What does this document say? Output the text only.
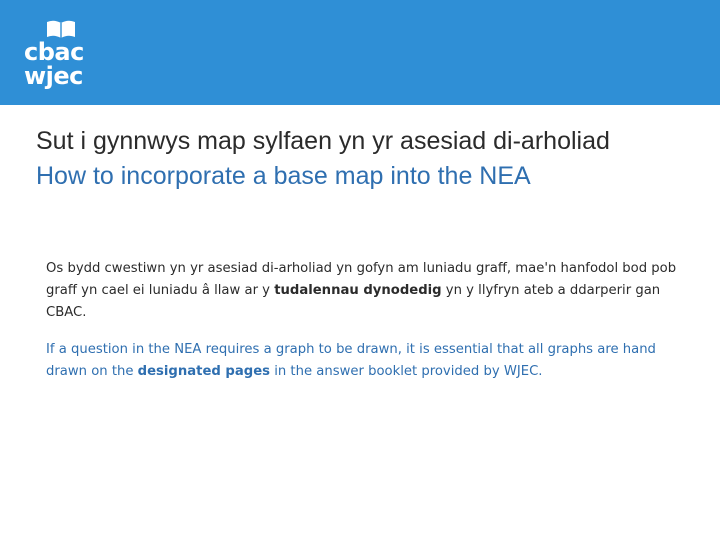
cbac
wjec
Sut i gynnwys map sylfaen yn yr asesiad di-arholiad
How to incorporate a base map into the NEA
Os bydd cwestiwn yn yr asesiad di-arholiad yn gofyn am luniadu graff, mae'n hanfodol bod pob graff yn cael ei luniadu â llaw ar y tudalennau dynodedig yn y llyfryn ateb a ddarperir gan CBAC.
If a question in the NEA requires a graph to be drawn, it is essential that all graphs are hand drawn on the designated pages in the answer booklet provided by WJEC.
